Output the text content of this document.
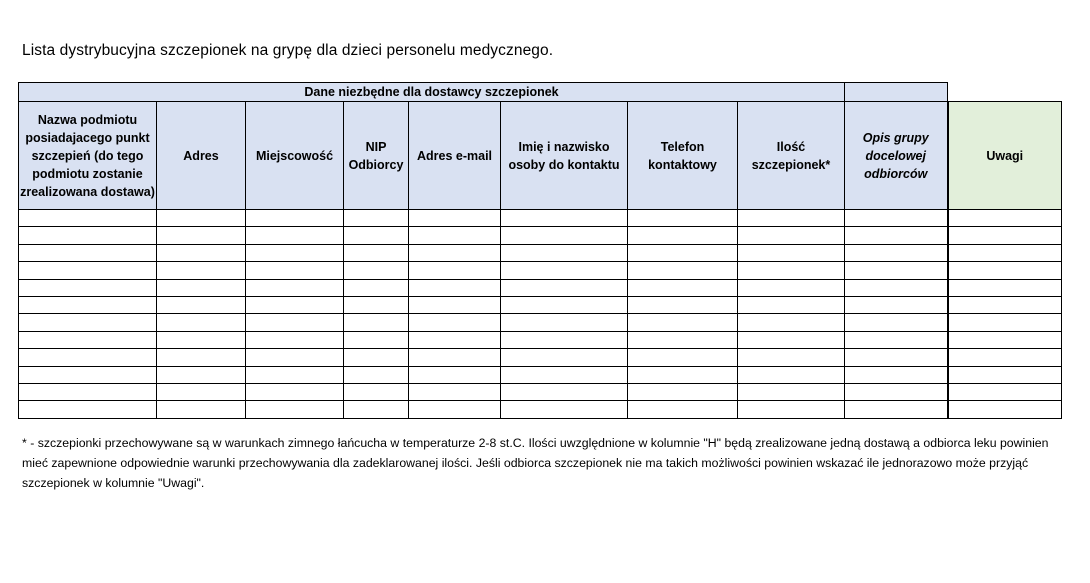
Lista dystrybucyjna szczepionek na grypę dla dzieci personelu medycznego.
Dane niezbędne dla dostawcy szczepionek									
Nazwa podmiotu posiadajacego punkt szczepień (do tego podmiotu zostanie zrealizowana dostawa)	Adres	Miejscowość	NIP Odbiorcy	Adres e-mail	Imię i nazwisko osoby do kontaktu	Telefon kontaktowy	Ilość szczepionek*	Opis grupy docelowej odbiorców	Uwagi

* - szczepionki przechowywane są w warunkach zimnego łańcucha w temperaturze 2-8 st.C. Ilości uwzględnione w kolumnie "H" będą zrealizowane jedną dostawą a odbiorca leku powinien mieć zapewnione odpowiednie warunki przechowywania dla zadeklarowanej ilości. Jeśli odbiorca szczepionek nie ma takich możliwości powinien wskazać ile jednorazowo może przyjąć szczepionek w kolumnie "Uwagi".
